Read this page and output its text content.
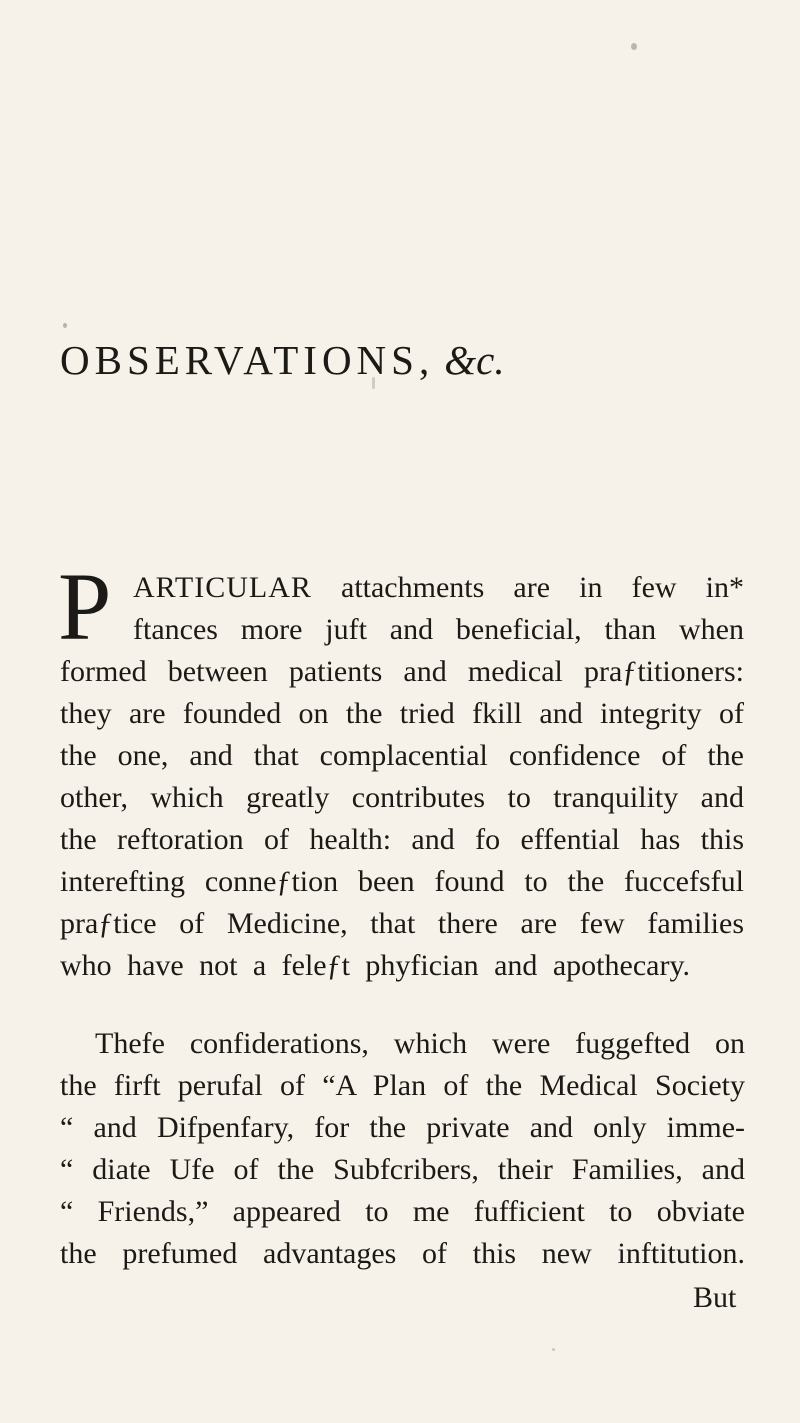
OBSERVATIONS, &c.
P ARTICULAR attachments are in few in*
ftances more juft and beneficial, than when
formed between patients and medical praƒtitioners:
they are founded on the tried fkill and integrity of
the one, and that complacential confidence of the
other, which greatly contributes to tranquility and
the reftoration of health: and fo effential has this
interefting conneƒtion been found to the fuccefsful
praƒtice of Medicine, that there are few families
who have not a feleƒt phyfician and apothecary.
Thefe confiderations, which were fuggefted on
the firft perufal of “A Plan of the Medical Society
“ and Difpenfary, for the private and only imme-
“ diate Ufe of the Subfcribers, their Families, and
“ Friends,” appeared to me fufficient to obviate
the prefumed advantages of this new inftitution.
But
